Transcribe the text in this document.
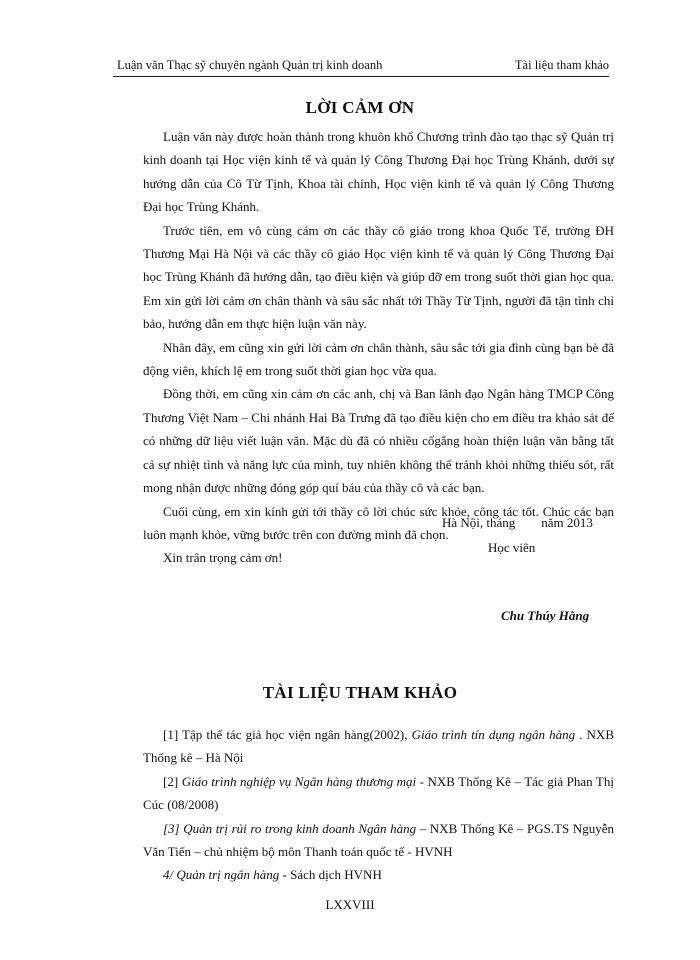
Luận văn Thạc sỹ chuyên ngành Quản trị kinh doanh	Tài liệu tham khảo
LỜI CẢM ƠN

Luận văn này được hoàn thành trong khuôn khổ Chương trình đào tạo thạc sỹ Quản trị kinh doanh tại Học viện kinh tế và quản lý Công Thương Đại học Trùng Khánh, dưới sự hướng dẫn của Cô Từ Tịnh, Khoa tài chính, Học viện kinh tế và quản lý Công Thương Đại học Trùng Khánh.

Trước tiên, em vô cùng cám ơn các thầy cô giáo trong khoa Quốc Tế, trường ĐH Thương Mại Hà Nội và các thầy cô giáo Học viện kinh tế và quản lý Công Thương Đại học Trùng Khánh đã hướng dẫn, tạo điều kiện và giúp đỡ em trong suốt thời gian học qua. Em xin gửi lời cảm ơn chân thành và sâu sắc nhất tới Thầy Từ Tịnh, người đã tận tình chỉ bảo, hướng dẫn em thực hiện luận văn này.

Nhân đây, em cũng xin gửi lời cảm ơn chân thành, sâu sắc tới gia đình cùng bạn bè đã động viên, khích lệ em trong suốt thời gian học vừa qua.

Đồng thời, em cũng xin cảm ơn các anh, chị và Ban lãnh đạo Ngân hàng TMCP Công Thương Việt Nam – Chi nhánh Hai Bà Trưng đã tạo điều kiện cho em điều tra khảo sát để có những dữ liệu viết luận văn. Mặc dù đã có nhiều cốgắng hoàn thiện luận văn bằng tất cả sự nhiệt tình và năng lực của mình, tuy nhiên không thể tránh khỏi những thiếu sót, rất mong nhận được những đóng góp quí báu của thầy cô và các bạn.

Cuối cùng, em xin kính gửi tới thầy cô lời chúc sức khỏe, công tác tốt. Chúc các bạn luôn mạnh khỏe, vững bước trên con đường mình đã chọn.

Xin trân trọng cảm ơn!

Hà Nội, tháng        năm 2013
Học viên
Chu Thúy Hằng
TÀI LIỆU THAM KHẢO

[1] Tập thể tác giả học viện ngân hàng(2002), Giáo trình tín dụng ngân hàng . NXB Thống kê – Hà Nội

[2] Giáo trình nghiệp vụ Ngân hàng thương mại - NXB Thống Kê – Tác giả Phan Thị Cúc (08/2008)

[3] Quản trị rủi ro trong kinh doanh Ngân hàng – NXB Thống Kê – PGS.TS Nguyễn Văn Tiến – chủ nhiệm bộ môn Thanh toán quốc tế - HVNH

4/ Quản trị ngân hàng - Sách dịch HVNH

LXXVIII
